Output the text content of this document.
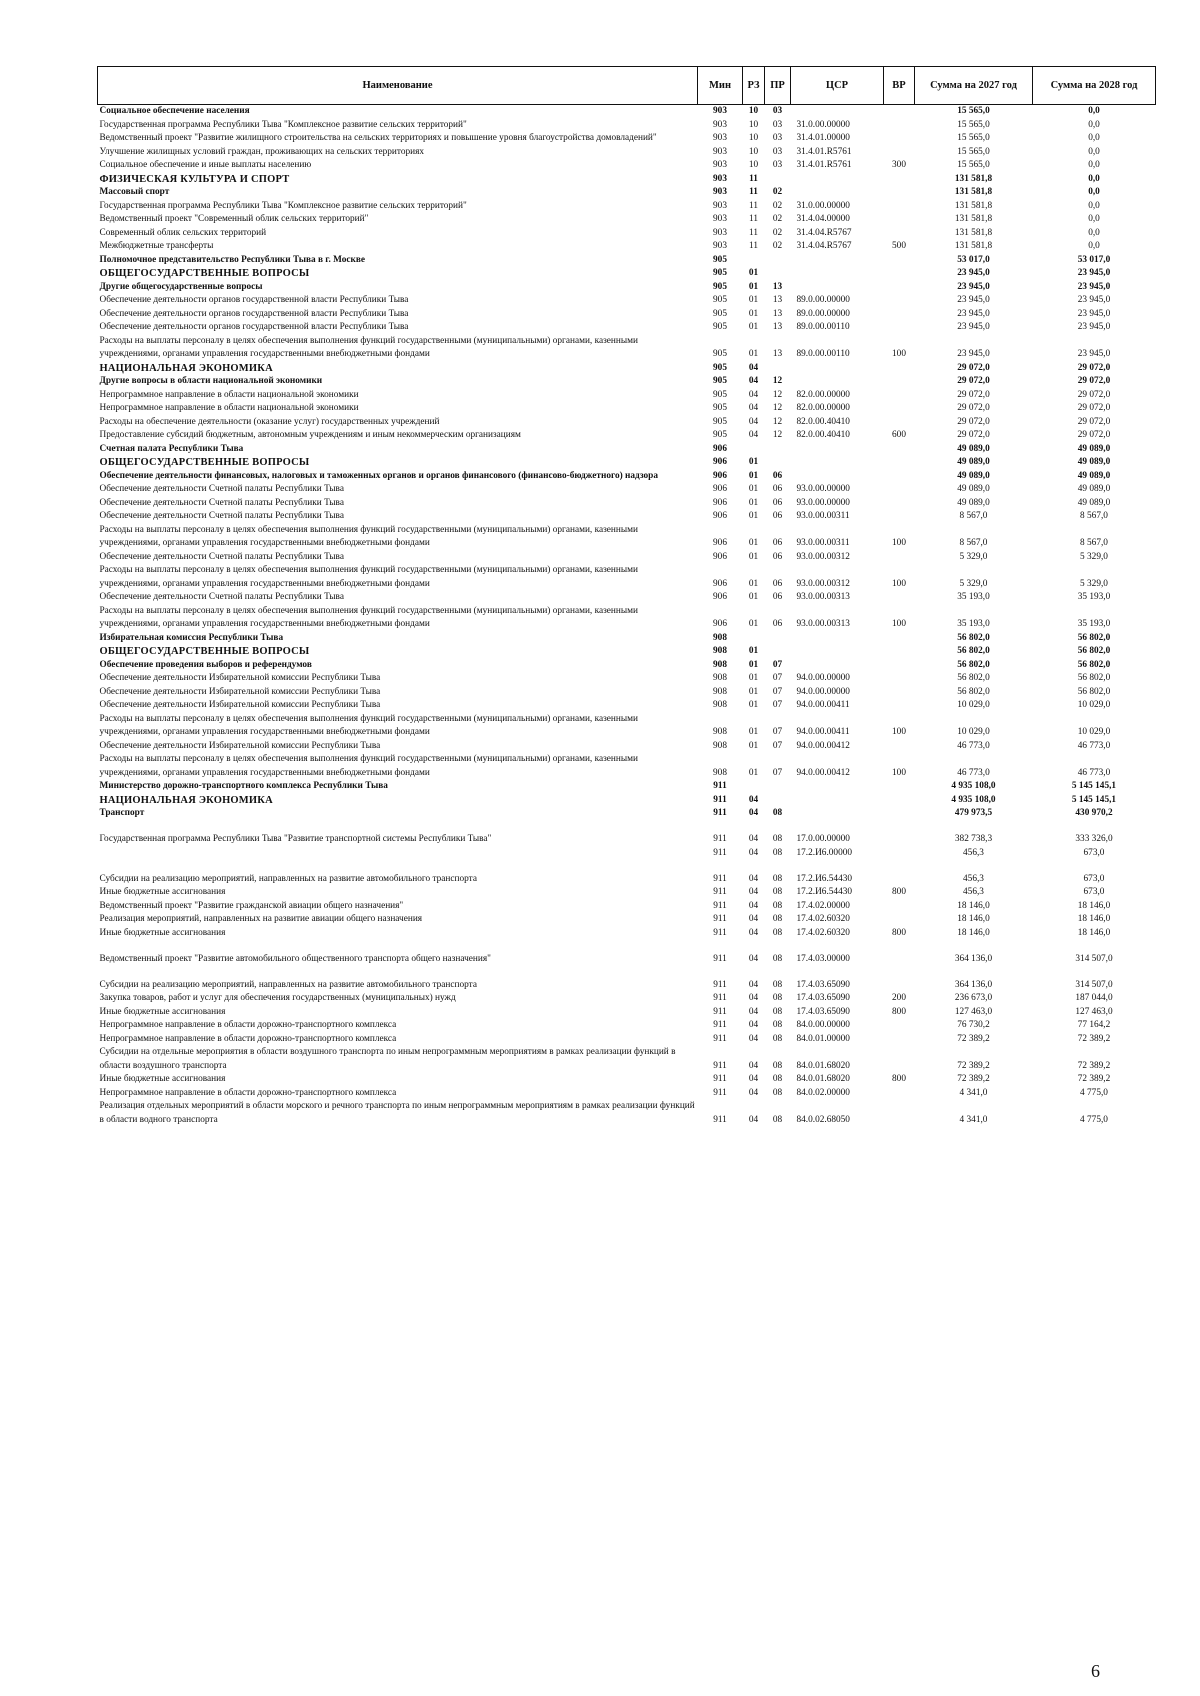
Наименование	Мин	РЗ	ПР	ЦСР	ВР	Сумма на 2027 год	Сумма на 2028 год
Социальное обеспечение населения	903	10	03			15 565,0	0,0
Государственная программа Республики Тыва "Комплексное развитие сельских территорий"	903	10	03	31.0.00.00000		15 565,0	0,0
Ведомственный проект "Развитие жилищного строительства на сельских территориях и повышение уровня благоустройства домовладений"	903	10	03	31.4.01.00000		15 565,0	0,0
Улучшение жилищных условий граждан, проживающих на сельских территориях	903	10	03	31.4.01.R5761		15 565,0	0,0
Социальное обеспечение и иные выплаты населению	903	10	03	31.4.01.R5761	300	15 565,0	0,0
ФИЗИЧЕСКАЯ КУЛЬТУРА И СПОРТ	903	11				131 581,8	0,0
Массовый спорт	903	11	02			131 581,8	0,0
Государственная программа Республики Тыва "Комплексное развитие сельских территорий"	903	11	02	31.0.00.00000		131 581,8	0,0
Ведомственный проект "Современный облик сельских территорий"	903	11	02	31.4.04.00000		131 581,8	0,0
Современный облик сельских территорий	903	11	02	31.4.04.R5767		131 581,8	0,0
Межбюджетные трансферты	903	11	02	31.4.04.R5767	500	131 581,8	0,0
Полномочное представительство Республики Тыва в г. Москве	905					53 017,0	53 017,0
ОБЩЕГОСУДАРСТВЕННЫЕ ВОПРОСЫ	905	01				23 945,0	23 945,0
Другие общегосударственные вопросы	905	01	13			23 945,0	23 945,0
Обеспечение деятельности органов государственной власти Республики Тыва	905	01	13	89.0.00.00000		23 945,0	23 945,0
Обеспечение деятельности органов государственной власти Республики Тыва	905	01	13	89.0.00.00000		23 945,0	23 945,0
Обеспечение деятельности органов государственной власти Республики Тыва	905	01	13	89.0.00.00110		23 945,0	23 945,0
Расходы на выплаты персоналу в целях обеспечения выполнения функций государственными (муниципальными) органами, казенными учреждениями, органами управления государственными внебюджетными фондами	905	01	13	89.0.00.00110	100	23 945,0	23 945,0
НАЦИОНАЛЬНАЯ ЭКОНОМИКА	905	04				29 072,0	29 072,0
Другие вопросы в области национальной экономики	905	04	12			29 072,0	29 072,0
Непрограммное направление в области национальной экономики	905	04	12	82.0.00.00000		29 072,0	29 072,0
Непрограммное направление в области национальной экономики	905	04	12	82.0.00.00000		29 072,0	29 072,0
Расходы на обеспечение деятельности (оказание услуг) государственных учреждений	905	04	12	82.0.00.40410		29 072,0	29 072,0
Предоставление субсидий бюджетным, автономным учреждениям и иным некоммерческим организациям	905	04	12	82.0.00.40410	600	29 072,0	29 072,0
Счетная палата Республики Тыва	906					49 089,0	49 089,0
ОБЩЕГОСУДАРСТВЕННЫЕ ВОПРОСЫ	906	01				49 089,0	49 089,0
Обеспечение деятельности финансовых, налоговых и таможенных органов и органов финансового (финансово-бюджетного) надзора	906	01	06			49 089,0	49 089,0
Обеспечение деятельности Счетной палаты Республики Тыва	906	01	06	93.0.00.00000		49 089,0	49 089,0
Обеспечение деятельности Счетной палаты Республики Тыва	906	01	06	93.0.00.00000		49 089,0	49 089,0
Обеспечение деятельности Счетной палаты Республики Тыва	906	01	06	93.0.00.00311		8 567,0	8 567,0
Расходы на выплаты персоналу в целях обеспечения выполнения функций государственными (муниципальными) органами, казенными учреждениями, органами управления государственными внебюджетными фондами	906	01	06	93.0.00.00311	100	8 567,0	8 567,0
Обеспечение деятельности Счетной палаты Республики Тыва	906	01	06	93.0.00.00312		5 329,0	5 329,0
Расходы на выплаты персоналу в целях обеспечения выполнения функций государственными (муниципальными) органами, казенными учреждениями, органами управления государственными внебюджетными фондами	906	01	06	93.0.00.00312	100	5 329,0	5 329,0
Обеспечение деятельности Счетной палаты Республики Тыва	906	01	06	93.0.00.00313		35 193,0	35 193,0
Расходы на выплаты персоналу в целях обеспечения выполнения функций государственными (муниципальными) органами, казенными учреждениями, органами управления государственными внебюджетными фондами	906	01	06	93.0.00.00313	100	35 193,0	35 193,0
Избирательная комиссия Республики Тыва	908					56 802,0	56 802,0
ОБЩЕГОСУДАРСТВЕННЫЕ ВОПРОСЫ	908	01				56 802,0	56 802,0
Обеспечение проведения выборов и референдумов	908	01	07			56 802,0	56 802,0
Обеспечение деятельности Избирательной комиссии Республики Тыва	908	01	07	94.0.00.00000		56 802,0	56 802,0
Обеспечение деятельности Избирательной комиссии Республики Тыва	908	01	07	94.0.00.00000		56 802,0	56 802,0
Обеспечение деятельности Избирательной комиссии Республики Тыва	908	01	07	94.0.00.00411		10 029,0	10 029,0
Расходы на выплаты персоналу в целях обеспечения выполнения функций государственными (муниципальными) органами, казенными учреждениями, органами управления государственными внебюджетными фондами	908	01	07	94.0.00.00411	100	10 029,0	10 029,0
Обеспечение деятельности Избирательной комиссии Республики Тыва	908	01	07	94.0.00.00412		46 773,0	46 773,0
Расходы на выплаты персоналу в целях обеспечения выполнения функций государственными (муниципальными) органами, казенными учреждениями, органами управления государственными внебюджетными фондами	908	01	07	94.0.00.00412	100	46 773,0	46 773,0
Министерство дорожно-транспортного комплекса Республики Тыва	911					4 935 108,0	5 145 145,1
НАЦИОНАЛЬНАЯ ЭКОНОМИКА	911	04				4 935 108,0	5 145 145,1
Транспорт	911	04	08			479 973,5	430 970,2
Государственная программа Республики Тыва "Развитие транспортной системы Республики Тыва"	911	04	08	17.0.00.00000		382 738,3	333 326,0
	911	04	08	17.2.И6.00000		456,3	673,0
Субсидии на реализацию мероприятий, направленных на развитие автомобильного транспорта	911	04	08	17.2.И6.54430		456,3	673,0
Иные бюджетные ассигнования	911	04	08	17.2.И6.54430	800	456,3	673,0
Ведомственный проект "Развитие гражданской авиации общего назначения"	911	04	08	17.4.02.00000		18 146,0	18 146,0
Реализация мероприятий, направленных на развитие авиации общего назначения	911	04	08	17.4.02.60320		18 146,0	18 146,0
Иные бюджетные ассигнования	911	04	08	17.4.02.60320	800	18 146,0	18 146,0
Ведомственный проект "Развитие автомобильного общественного транспорта общего назначения"	911	04	08	17.4.03.00000		364 136,0	314 507,0
Субсидии на реализацию мероприятий, направленных на развитие автомобильного транспорта	911	04	08	17.4.03.65090		364 136,0	314 507,0
Закупка товаров, работ и услуг для обеспечения государственных (муниципальных) нужд	911	04	08	17.4.03.65090	200	236 673,0	187 044,0
Иные бюджетные ассигнования	911	04	08	17.4.03.65090	800	127 463,0	127 463,0
Непрограммное направление в области дорожно-транспортного комплекса	911	04	08	84.0.00.00000		76 730,2	77 164,2
Непрограммное направление в области дорожно-транспортного комплекса	911	04	08	84.0.01.00000		72 389,2	72 389,2
Субсидии на отдельные мероприятия в области воздушного транспорта по иным непрограммным мероприятиям в рамках реализации функций в области воздушного транспорта	911	04	08	84.0.01.68020		72 389,2	72 389,2
Иные бюджетные ассигнования	911	04	08	84.0.01.68020	800	72 389,2	72 389,2
Непрограммное направление в области дорожно-транспортного комплекса	911	04	08	84.0.02.00000		4 341,0	4 775,0
Реализация отдельных мероприятий в области морского и речного транспорта по иным непрограммным мероприятиям в рамках реализации функций в области водного транспорта	911	04	08	84.0.02.68050		4 341,0	4 775,0
6
